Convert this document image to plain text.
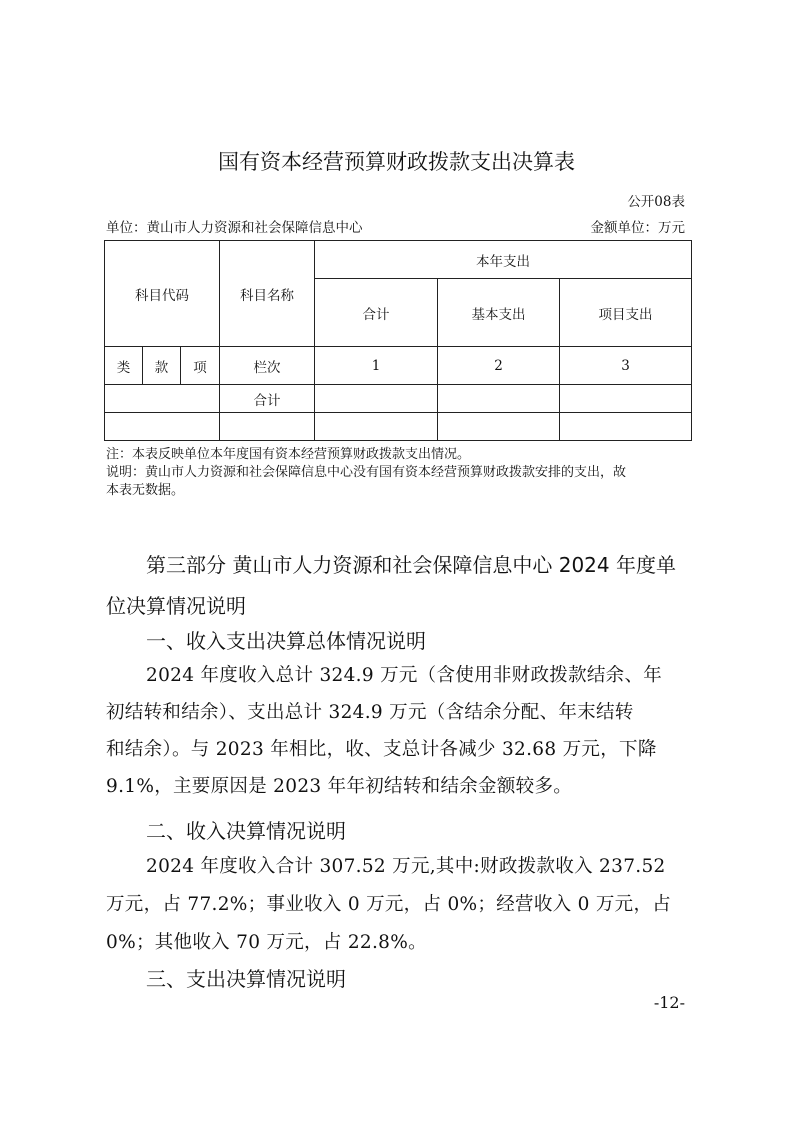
国有资本经营预算财政拨款支出决算表
公开08表
单位：黄山市人力资源和社会保障信息中心	金额单位：万元
科目代码			科目名称	本年支出		
				合计	基本支出	项目支出
类	款	项	栏次	1	2	3
			合计			

注：本表反映单位本年度国有资本经营预算财政拨款支出情况。
说明：黄山市人力资源和社会保障信息中心没有国有资本经营预算财政拨款安排的支出，故
本表无数据。
第三部分 黄山市人力资源和社会保障信息中心 2024 年度单
位决算情况说明
一、收入支出决算总体情况说明
2024 年度收入总计 324.9 万元（含使用非财政拨款结余、年
初结转和结余）、支出总计 324.9 万元（含结余分配、年末结转
和结余）。与 2023 年相比，收、支总计各减少 32.68 万元，下降
9.1%，主要原因是 2023 年年初结转和结余金额较多。
二、收入决算情况说明
2024 年度收入合计 307.52 万元,其中:财政拨款收入 237.52
万元，占 77.2%；事业收入 0 万元，占 0%；经营收入 0 万元，占
0%；其他收入 70 万元，占 22.8%。
三、支出决算情况说明
-12-
